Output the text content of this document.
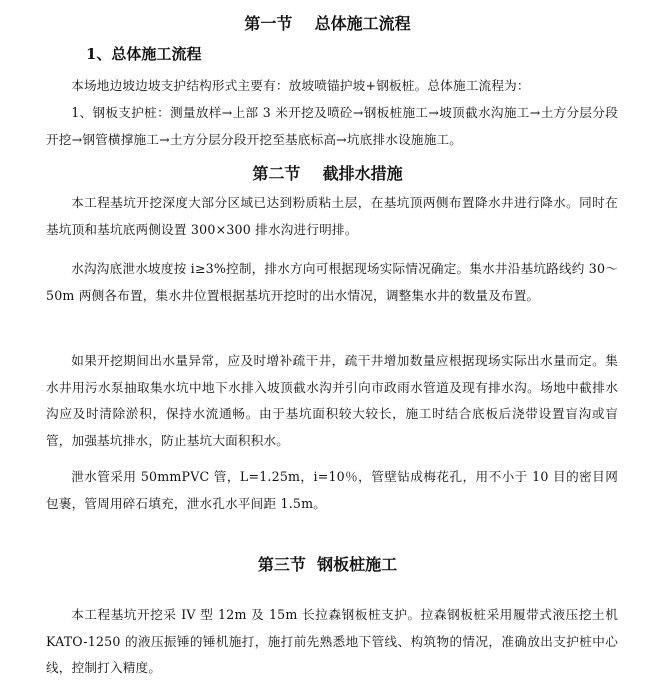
第一节    总体施工流程
1、总体施工流程

本场地边坡边坡支护结构形式主要有：放坡喷锚护坡+钢板桩。总体施工流程为：

1、钢板支护桩：测量放样→上部 3 米开挖及喷砼→钢板桩施工→坡顶截水沟施工→土方分层分段开挖→钢管横撑施工→土方分层分段开挖至基底标高→坑底排水设施施工。

第二节    截排水措施

本工程基坑开挖深度大部分区域已达到粉质粘土层，在基坑顶两侧布置降水井进行降水。同时在基坑顶和基坑底两侧设置 300×300 排水沟进行明排。

水沟沟底泄水坡度按 i≥3%控制，排水方向可根据现场实际情况确定。集水井沿基坑路线约 30～50m 两侧各布置，集水井位置根据基坑开挖时的出水情况，调整集水井的数量及布置。

如果开挖期间出水量异常，应及时增补疏干井，疏干井增加数量应根据现场实际出水量而定。集水井用污水泵抽取集水坑中地下水排入坡顶截水沟并引向市政雨水管道及现有排水沟。场地中截排水沟应及时清除淤积，保持水流通畅。由于基坑面积较大较长，施工时结合底板后浇带设置盲沟或盲管，加强基坑排水，防止基坑大面积积水。

泄水管采用 50mmPVC 管，L=1.25m，i=10％，管壁钻成梅花孔，用不小于 10 目的密目网包裹，管周用碎石填充，泄水孔水平间距 1.5m。

第三节  钢板桩施工

本工程基坑开挖采 IV 型 12m 及 15m 长拉森钢板桩支护。拉森钢板桩采用履带式液压挖土机 KATO-1250 的液压振锤的锤机施打，施打前先熟悉地下管线、构筑物的情况，准确放出支护桩中心线，控制打入精度。
